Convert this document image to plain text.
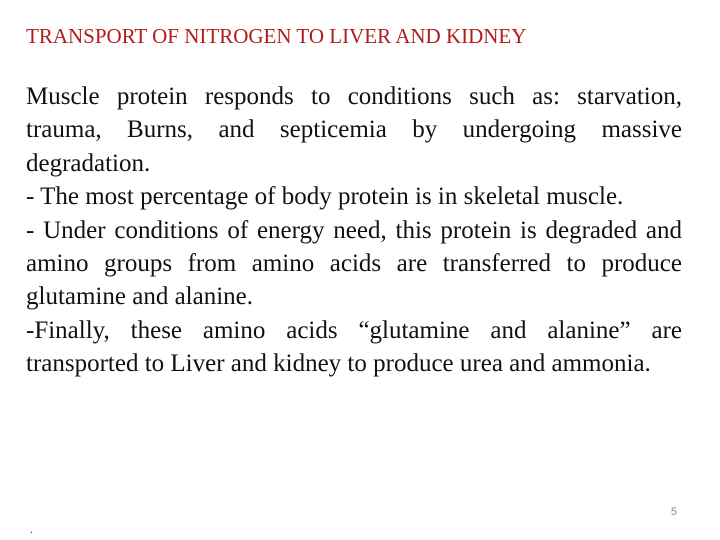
TRANSPORT OF NITROGEN TO LIVER AND KIDNEY

Muscle protein responds to conditions such as: starvation, trauma, Burns, and septicemia by undergoing massive degradation.

- The most percentage of body protein is in skeletal muscle.

- Under conditions of energy need, this protein is degraded and amino groups from amino acids are transferred to produce glutamine and alanine.

-Finally, these amino acids “glutamine and alanine” are transported to Liver and kidney to produce urea and ammonia.

5
.
